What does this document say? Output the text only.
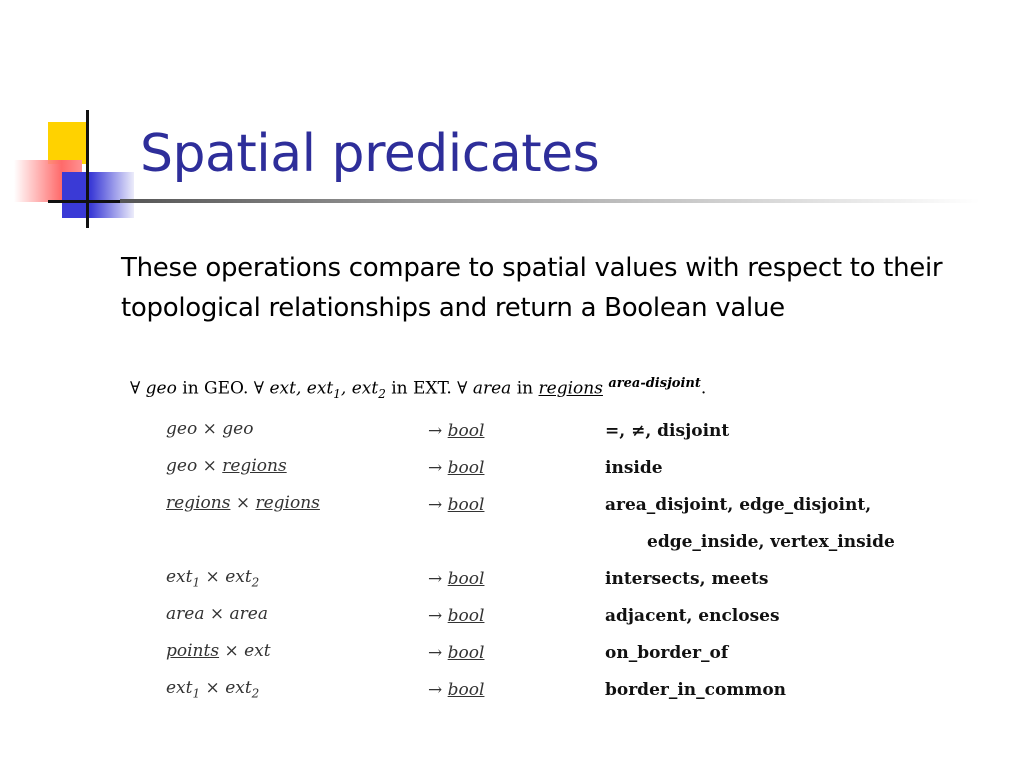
Spatial predicates
These operations compare to spatial values with respect to their topological relationships and return a Boolean value
∀ geo in GEO. ∀ ext, ext$_1$, ext$_2$ in EXT. ∀ area in regions $^{area-disjoint}$.
geo × geo	→ bool	=, ≠, disjoint
geo × regions	→ bool	inside
regions × regions	→ bool	area_disjoint, edge_disjoint,
		edge_inside, vertex_inside
ext$_1$ × ext$_2$	→ bool	intersects, meets
area × area	→ bool	adjacent, encloses
points × ext	→ bool	on_border_of
ext$_1$ × ext$_2$	→ bool	border_in_common
